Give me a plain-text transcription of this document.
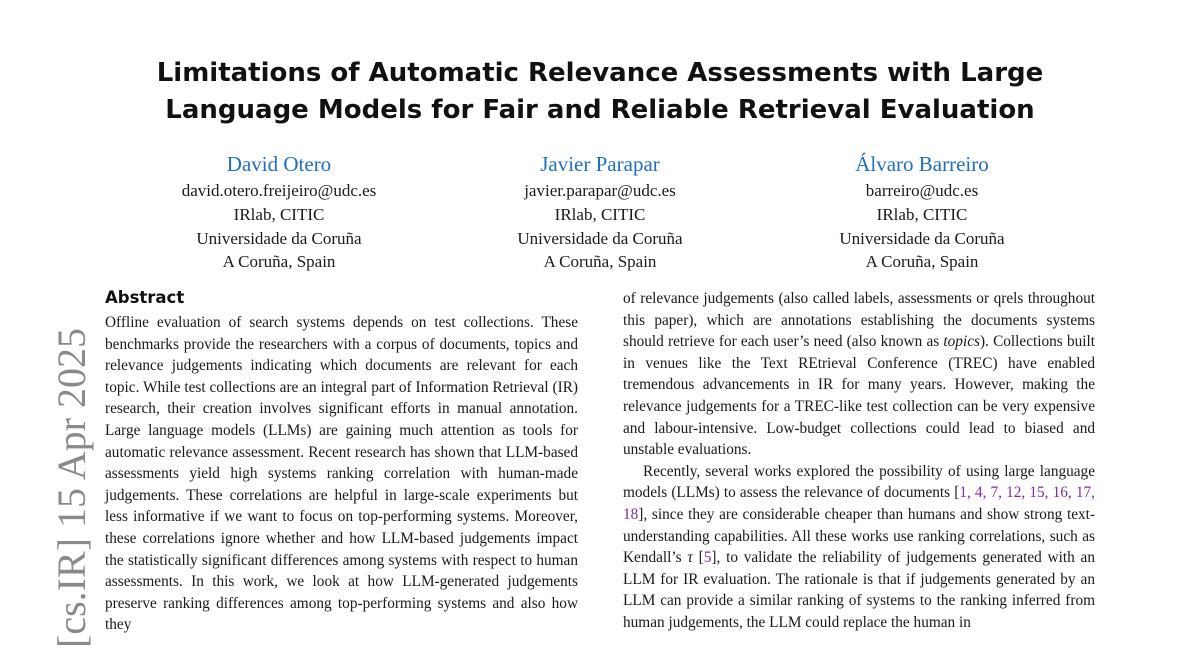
Limitations of Automatic Relevance Assessments with Large
Language Models for Fair and Reliable Retrieval Evaluation
David Otero
david.otero.freijeiro@udc.es
IRlab, CITIC
Universidade da Coruña
A Coruña, Spain
Javier Parapar
javier.parapar@udc.es
IRlab, CITIC
Universidade da Coruña
A Coruña, Spain
Álvaro Barreiro
barreiro@udc.es
IRlab, CITIC
Universidade da Coruña
A Coruña, Spain
[cs.IR] 15 Apr 2025
Abstract

Offline evaluation of search systems depends on test collections. These benchmarks provide the researchers with a corpus of documents, topics and relevance judgements indicating which documents are relevant for each topic. While test collections are an integral part of Information Retrieval (IR) research, their creation involves significant efforts in manual annotation. Large language models (LLMs) are gaining much attention as tools for automatic relevance assessment. Recent research has shown that LLM-based assessments yield high systems ranking correlation with human-made judgements. These correlations are helpful in large-scale experiments but less informative if we want to focus on top-performing systems. Moreover, these correlations ignore whether and how LLM-based judgements impact the statistically significant differences among systems with respect to human assessments. In this work, we look at how LLM-generated judgements preserve ranking differences among top-performing systems and also how they

of relevance judgements (also called labels, assessments or qrels throughout this paper), which are annotations establishing the documents systems should retrieve for each user’s need (also known as topics). Collections built in venues like the Text REtrieval Conference (TREC) have enabled tremendous advancements in IR for many years. However, making the relevance judgements for a TREC-like test collection can be very expensive and labour-intensive. Low-budget collections could lead to biased and unstable evaluations.

Recently, several works explored the possibility of using large language models (LLMs) to assess the relevance of documents [1, 4, 7, 12, 15, 16, 17, 18], since they are considerable cheaper than humans and show strong text-understanding capabilities. All these works use ranking correlations, such as Kendall’s τ [5], to validate the reliability of judgements generated with an LLM for IR evaluation. The rationale is that if judgements generated by an LLM can provide a similar ranking of systems to the ranking inferred from human judgements, the LLM could replace the human in
